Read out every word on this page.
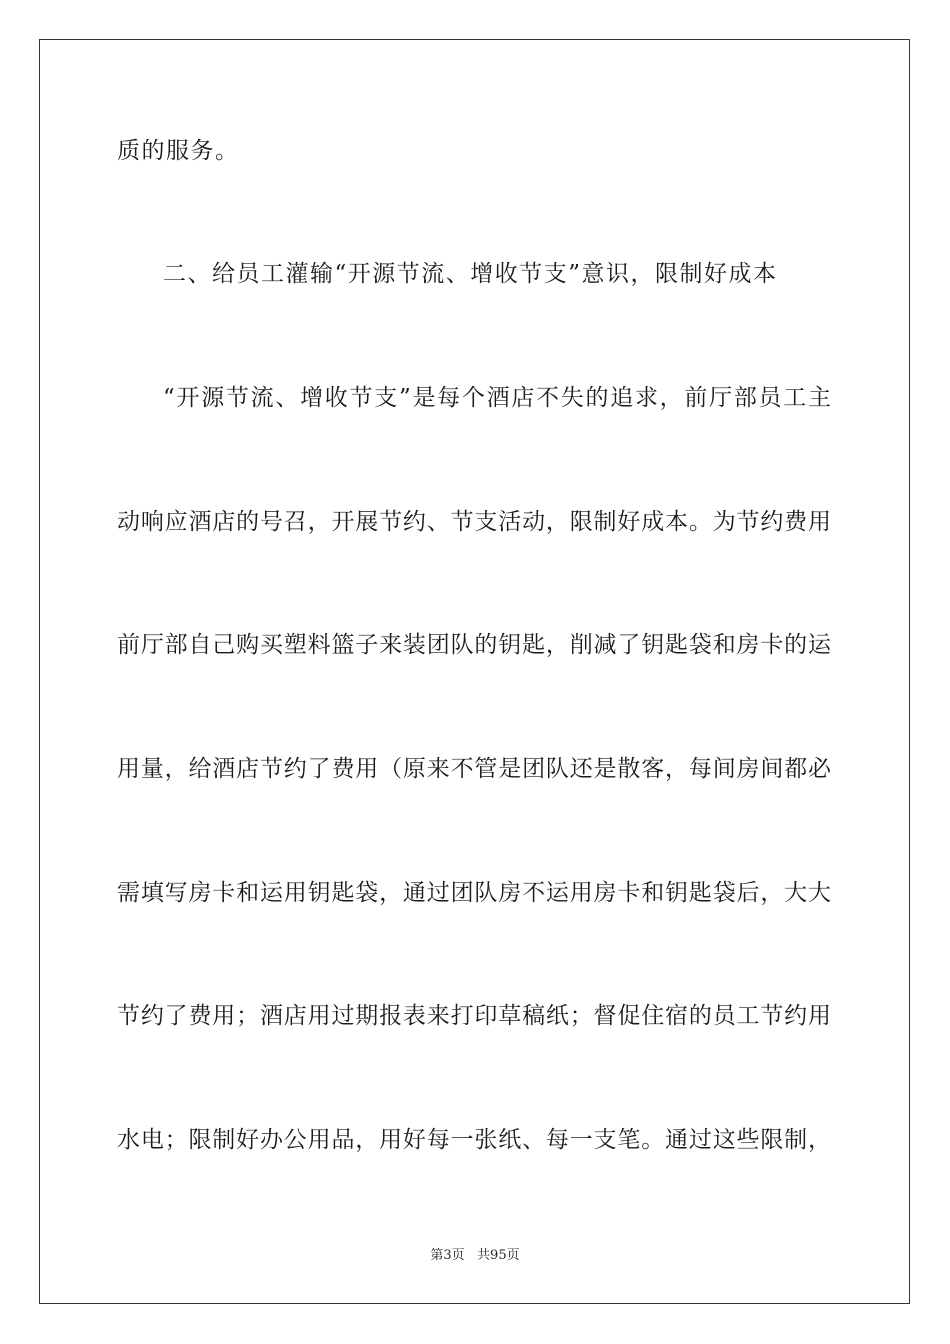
质的服务。
二、给员工灌输“开源节流、增收节支”意识，限制好成本
“开源节流、增收节支”是每个酒店不失的追求，前厅部员工主
动响应酒店的号召，开展节约、节支活动，限制好成本。为节约费用
前厅部自己购买塑料篮子来装团队的钥匙，削减了钥匙袋和房卡的运
用量，给酒店节约了费用（原来不管是团队还是散客，每间房间都必
需填写房卡和运用钥匙袋，通过团队房不运用房卡和钥匙袋后，大大
节约了费用；酒店用过期报表来打印草稿纸；督促住宿的员工节约用
水电；限制好办公用品，用好每一张纸、每一支笔。通过这些限制，
第3页   共95页
